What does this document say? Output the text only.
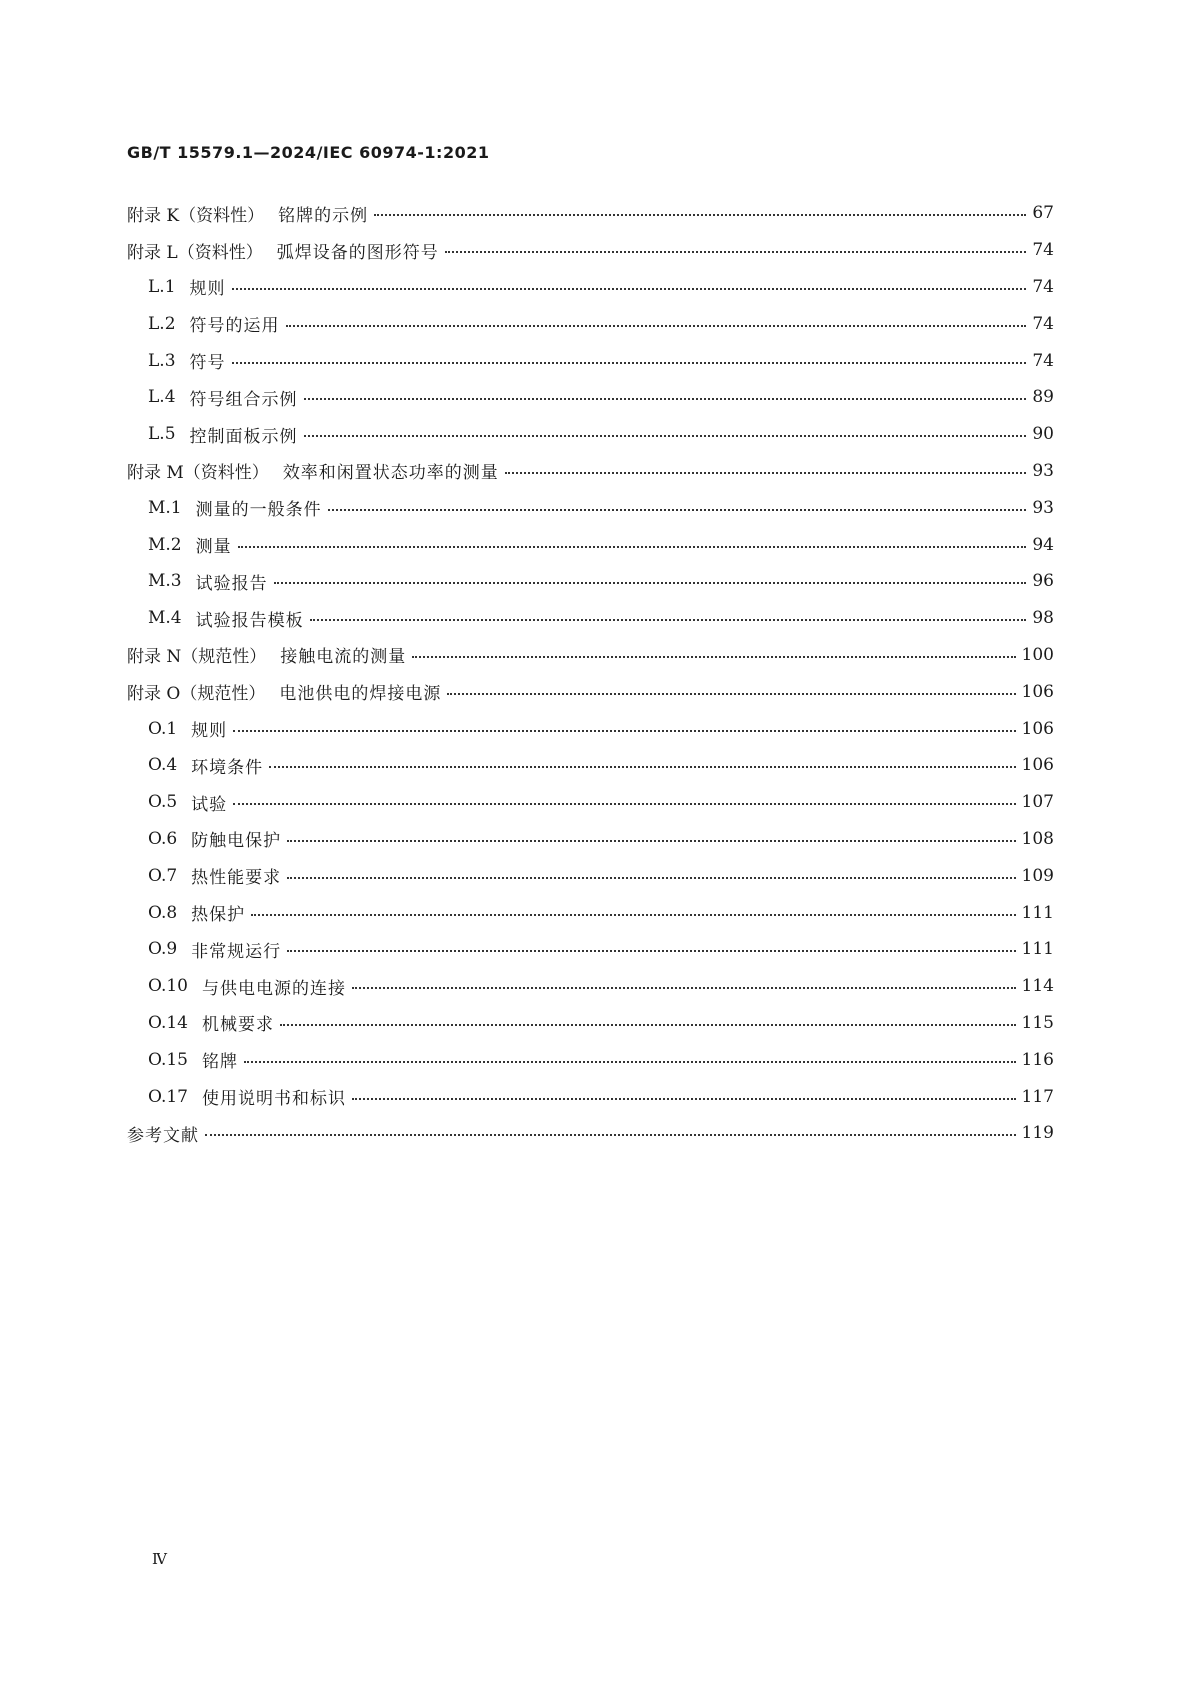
GB/T 15579.1—2024/IEC 60974-1:2021
附录 K（资料性） 铭牌的示例	67
附录 L（资料性） 弧焊设备的图形符号	74
L.1 规则	74
L.2 符号的运用	74
L.3 符号	74
L.4 符号组合示例	89
L.5 控制面板示例	90
附录 M（资料性） 效率和闲置状态功率的测量	93
M.1 测量的一般条件	93
M.2 测量	94
M.3 试验报告	96
M.4 试验报告模板	98
附录 N（规范性） 接触电流的测量	100
附录 O（规范性） 电池供电的焊接电源	106
O.1 规则	106
O.4 环境条件	106
O.5 试验	107
O.6 防触电保护	108
O.7 热性能要求	109
O.8 热保护	111
O.9 非常规运行	111
O.10 与供电电源的连接	114
O.14 机械要求	115
O.15 铭牌	116
O.17 使用说明书和标识	117
参考文献	119
Ⅳ
